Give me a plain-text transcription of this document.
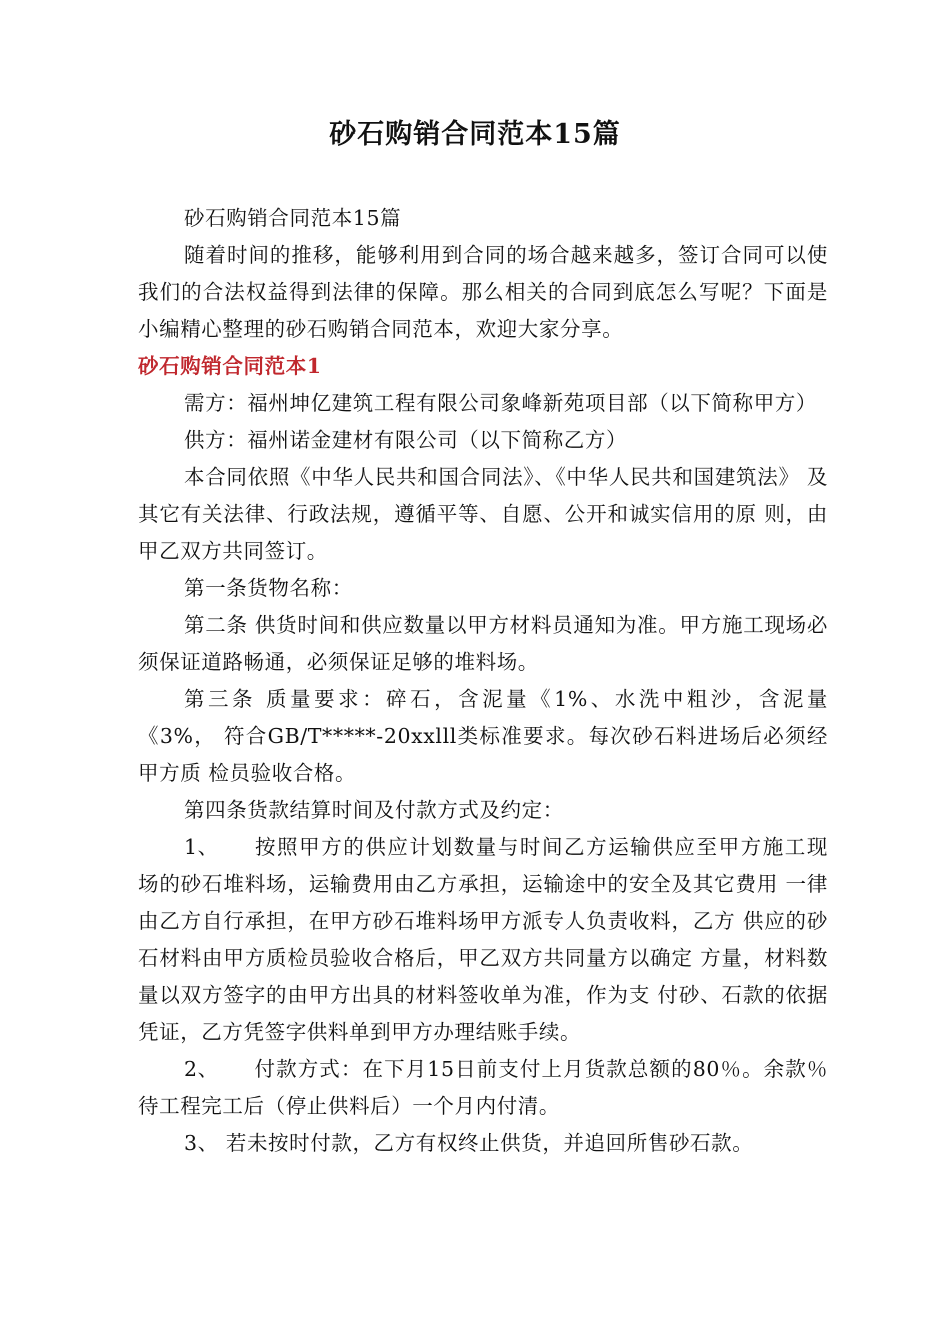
砂石购销合同范本15篇

砂石购销合同范本15篇

随着时间的推移，能够利用到合同的场合越来越多，签订合同可以使我们的合法权益得到法律的保障。那么相关的合同到底怎么写呢？下面是小编精心整理的砂石购销合同范本，欢迎大家分享。

砂石购销合同范本1

需方：福州坤亿建筑工程有限公司象峰新苑项目部（以下简称甲方）

供方：福州诺金建材有限公司（以下简称乙方）

本合同依照《中华人民共和国合同法》、《中华人民共和国建筑法》 及其它有关法律、行政法规，遵循平等、自愿、公开和诚实信用的原 则，由甲乙双方共同签订。

第一条货物名称：

第二条 供货时间和供应数量以甲方材料员通知为准。甲方施工现场必须保证道路畅通，必须保证足够的堆料场。

第三条 质量要求：碎石，含泥量《1%、水洗中粗沙，含泥量《3%， 符合GB/T*****-20xxlll类标准要求。每次砂石料进场后必须经甲方质 检员验收合格。

第四条货款结算时间及付款方式及约定：

1、 按照甲方的供应计划数量与时间乙方运输供应至甲方施工现 场的砂石堆料场，运输费用由乙方承担，运输途中的安全及其它费用 一律由乙方自行承担，在甲方砂石堆料场甲方派专人负责收料，乙方 供应的砂石材料由甲方质检员验收合格后，甲乙双方共同量方以确定 方量，材料数量以双方签字的由甲方出具的材料签收单为准，作为支 付砂、石款的依据凭证，乙方凭签字供料单到甲方办理结账手续。

2、 付款方式：在下月15日前支付上月货款总额的80％。余款％ 待工程完工后（停止供料后）一个月内付清。

3、 若未按时付款，乙方有权终止供货，并追回所售砂石款。
